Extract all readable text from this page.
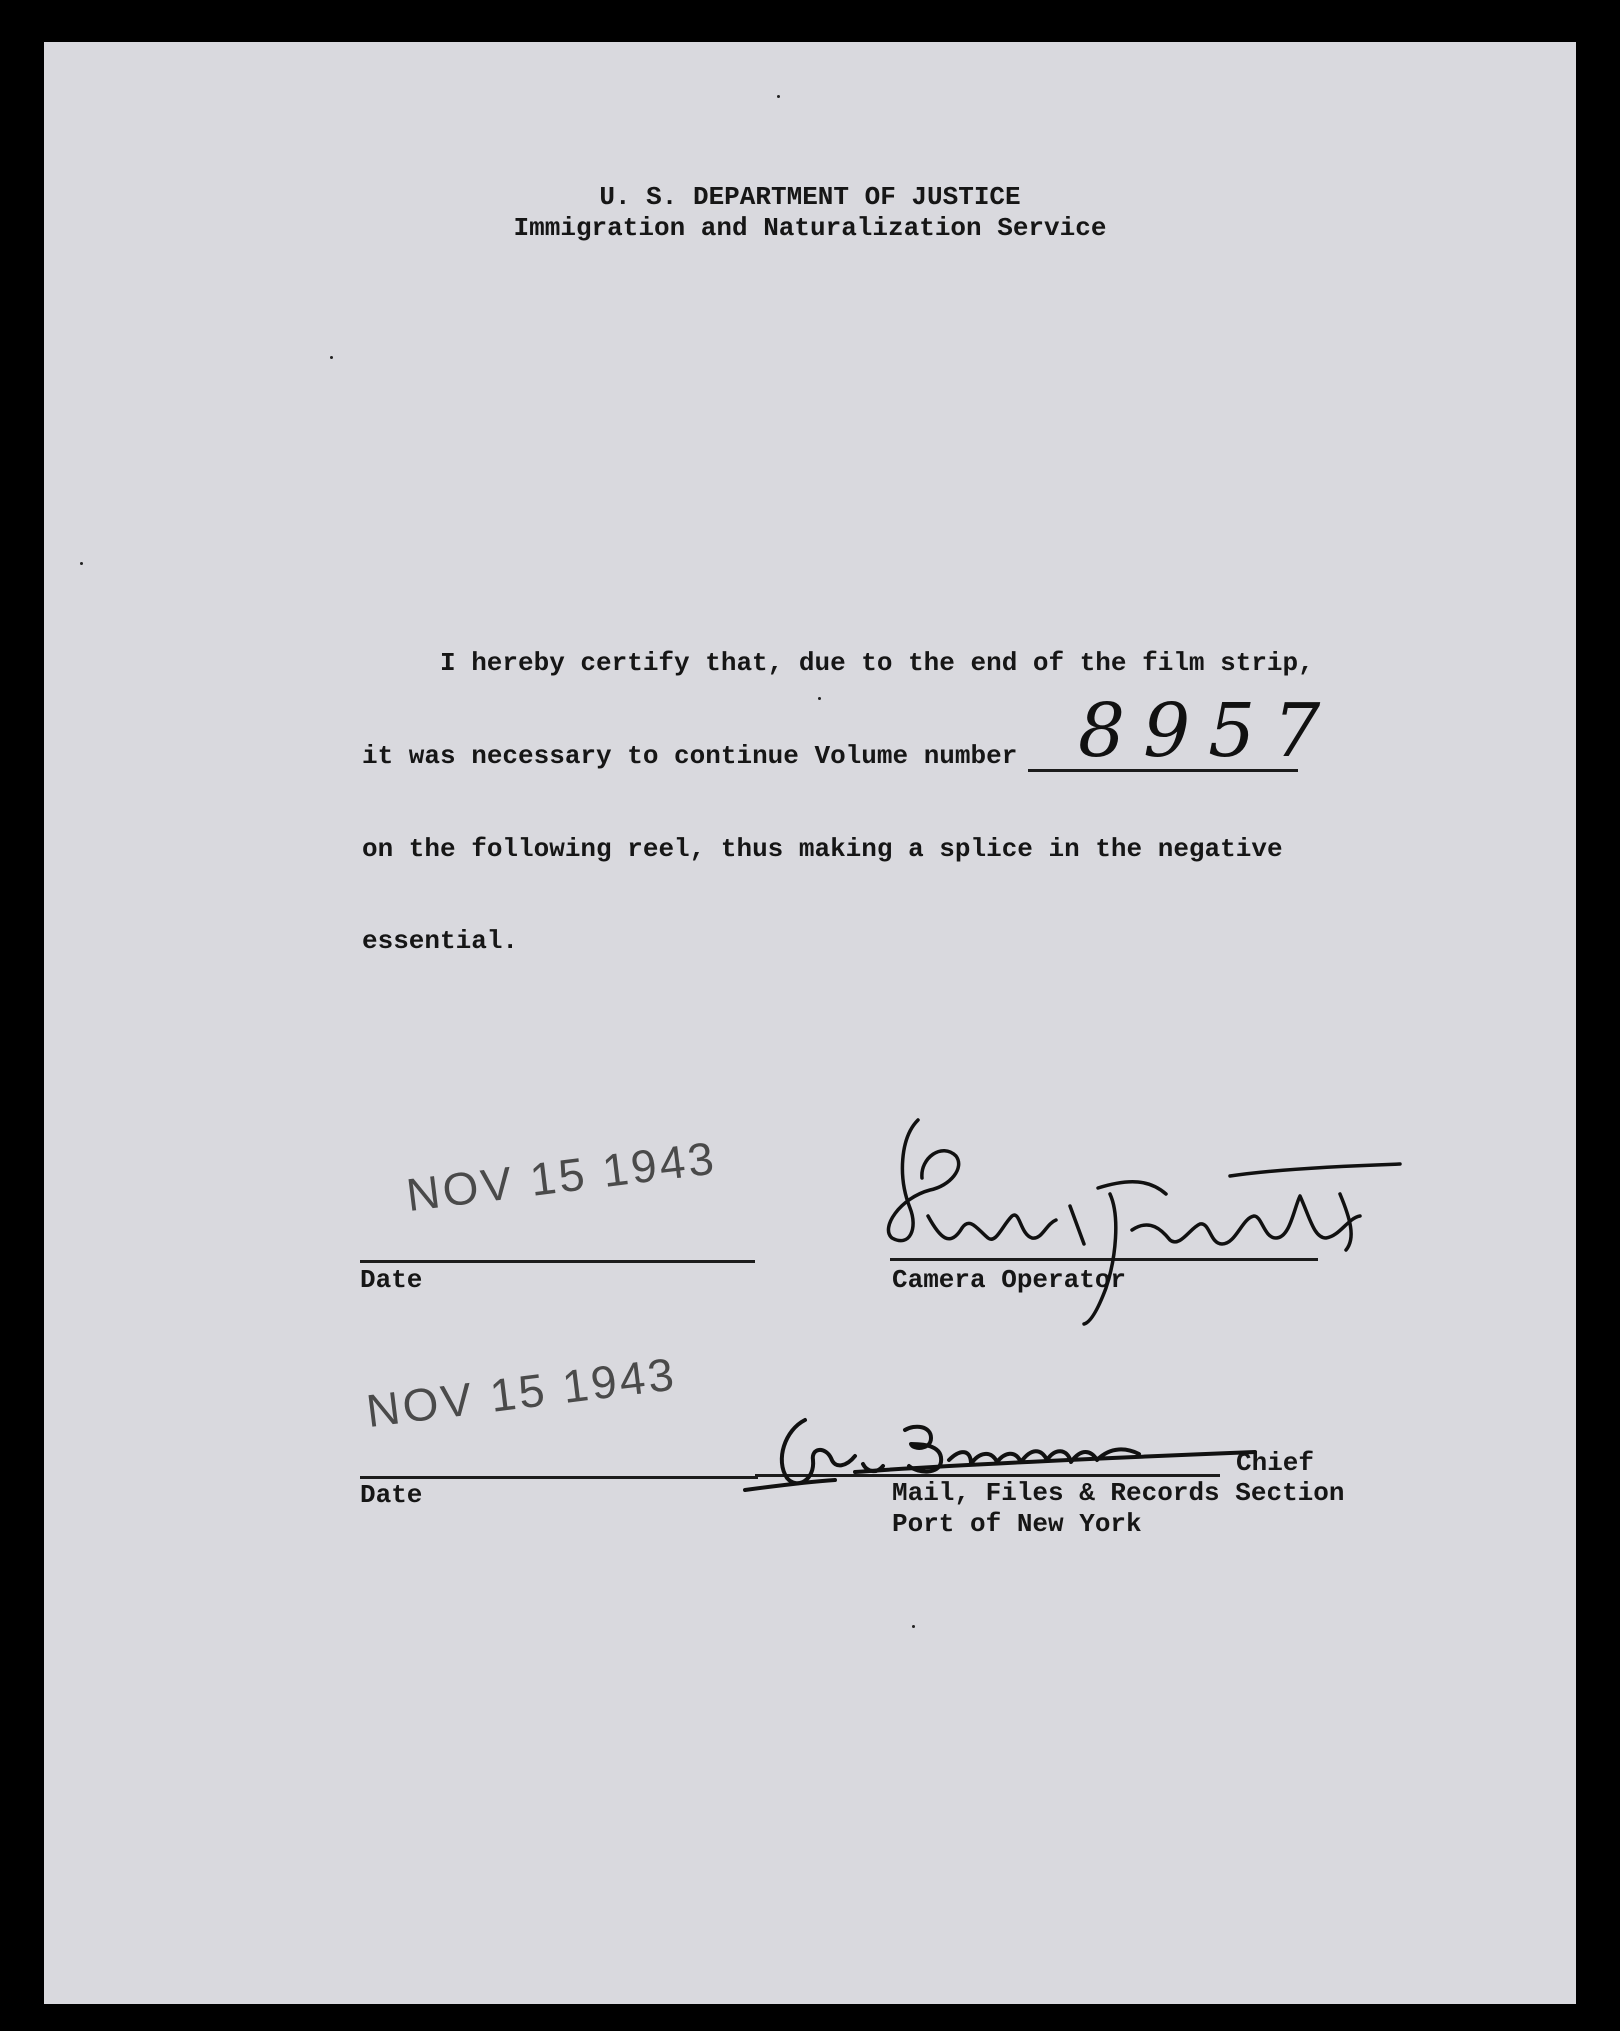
U. S. DEPARTMENT OF JUSTICE
Immigration and Naturalization Service
I hereby certify that, due to the end of the film strip,
it was necessary to continue Volume number 8957
on the following reel, thus making a splice in the negative
essential.
NOV 15 1943
Date	Camera Operator
NOV 15 1943
Date
Chief
Mail, Files & Records Section
Port of New York
